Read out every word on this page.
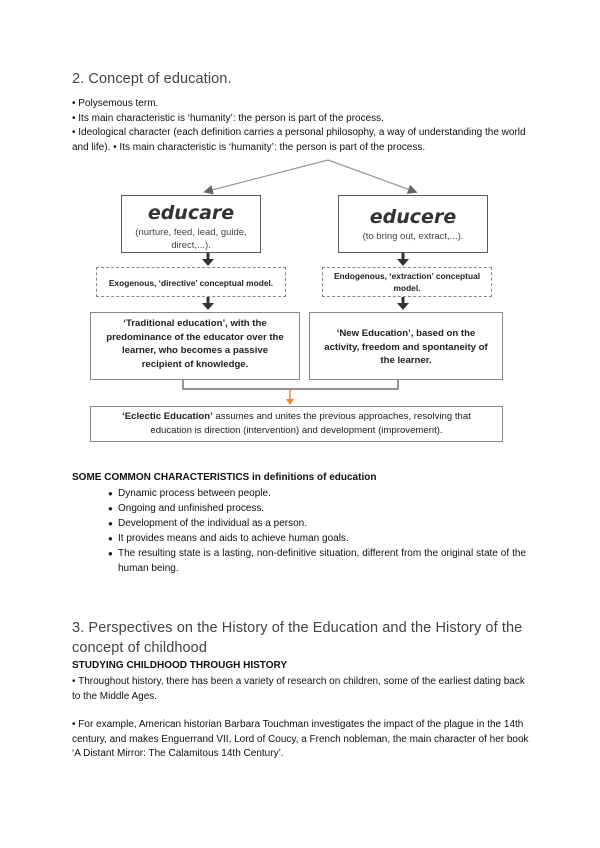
2. Concept of education.

• Polysemous term.

• Its main characteristic is ‘humanity’: the person is part of the process.

• Ideological character (each definition carries a personal philosophy, a way of understanding the world and life). • Its main characteristic is ‘humanity’: the person is part of the process.

educare
(nurture, feed, lead, guide, direct,...).
educere
(to bring out, extract,...).
Exogenous, ‘directive’ conceptual model.
Endogenous, ‘extraction’ conceptual model.
‘Traditional education’, with the predominance of the educator over the learner, who becomes a passive recipient of knowledge.
‘New Education’, based on the activity, freedom and spontaneity of the learner.
‘Eclectic Education’ assumes and unites the previous approaches, resolving that education is direction (intervention) and development (improvement).
SOME COMMON CHARACTERISTICS in definitions of education
● Dynamic process between people.
● Ongoing and unfinished process.
● Development of the individual as a person.
● It provides means and aids to achieve human goals.
● The resulting state is a lasting, non-definitive situation, different from the original state of the human being.
3. Perspectives on the History of the Education and the History of the concept of childhood
STUDYING CHILDHOOD THROUGH HISTORY
• Throughout history, there has been a variety of research on children, some of the earliest dating back to the Middle Ages.
• For example, American historian Barbara Touchman investigates the impact of the plague in the 14th century, and makes Enguerrand VII, Lord of Coucy, a French nobleman, the main character of her book ‘A Distant Mirror: The Calamitous 14th Century’.
